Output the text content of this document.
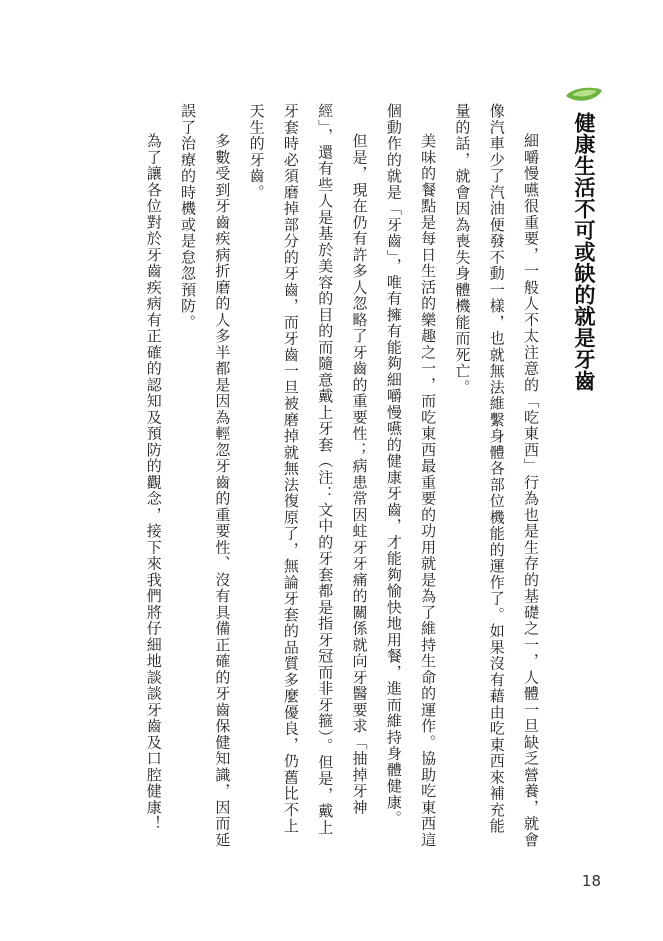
健康生活不可或缺的就是牙齒

細嚼慢嚥很重要，一般人不太注意的「吃東西」行為也是生存的基礎之一，人體一旦缺乏營養，就會像汽車少了汽油便發不動一樣，也就無法維繫身體各部位機能的運作了。如果沒有藉由吃東西來補充能量的話，就會因為喪失身體機能而死亡。

美味的餐點是每日生活的樂趣之一，而吃東西最重要的功用就是為了維持生命的運作。協助吃東西這個動作的就是「牙齒」，唯有擁有能夠細嚼慢嚥的健康牙齒，才能夠愉快地用餐，進而維持身體健康。

但是，現在仍有許多人忽略了牙齒的重要性；病患常因蛀牙牙痛的關係就向牙醫要求「抽掉牙神經」，還有些人是基於美容的目的而隨意戴上牙套（注：文中的牙套都是指牙冠而非牙箍）。但是，戴上牙套時必須磨掉部分的牙齒，而牙齒一旦被磨掉就無法復原了，無論牙套的品質多麼優良，仍舊比不上天生的牙齒。

多數受到牙齒疾病折磨的人多半都是因為輕忽牙齒的重要性、沒有具備正確的牙齒保健知識，因而延誤了治療的時機或是怠忽預防。

為了讓各位對於牙齒疾病有正確的認知及預防的觀念，接下來我們將仔細地談談牙齒及口腔健康！

18
